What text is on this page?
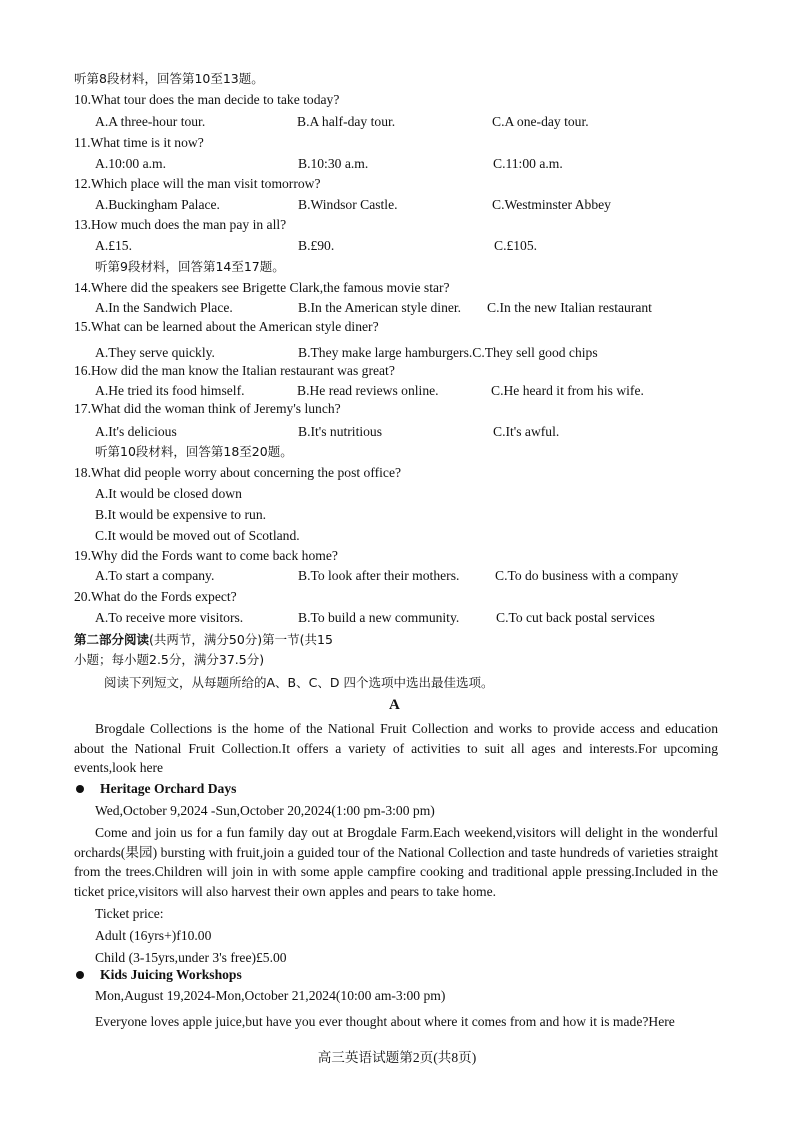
听第8段材料，回答第10至13题。
10.What tour does the man decide to take today?
A.A three-hour tour.	B.A half-day tour.	C.A one-day tour.
11.What time is it now?
A.10:00 a.m.	B.10:30 a.m.	C.11:00 a.m.
12.Which place will the man visit tomorrow?
A.Buckingham Palace.	B.Windsor Castle.	C.Westminster Abbey
13.How much does the man pay in all?
A.£15.	B.£90.	C.£105.
听第9段材料，回答第14至17题。
14.Where did the speakers see Brigette Clark,the famous movie star?
A.In the Sandwich Place.	B.In the American style diner. C.In the new Italian restaurant
15.What can be learned about the American style diner?
A.They serve quickly.	B.They make large hamburgers.C.They sell good chips
16.How did the man know the Italian restaurant was great?
A.He tried its food himself.	B.He read reviews online.	C.He heard it from his wife.
17.What did the woman think of Jeremy's lunch?
A.It's delicious	B.It's nutritious	C.It's awful.
听第10段材料，回答第18至20题。
18.What did people worry about concerning the post office?
A.It would be closed down
B.It would be expensive to run.
C.It would be moved out of Scotland.
19.Why did the Fords want to come back home?
A.To start a company.	B.To look after their mothers.	C.To do business with a company
20.What do the Fords expect?
A.To receive more visitors.	B.To build a new community.	C.To cut back postal services
第二部分阅读(共两节，满分50分)第一节(共15
小题；每小题2.5分，满分37.5分)
阅读下列短文，从每题所给的A、B、C、D 四个选项中选出最佳选项。
A
Brogdale Collections is the home of the National Fruit Collection and works to provide access and education about the National Fruit Collection.It offers a variety of activities to suit all ages and interests.For upcoming events,look here
Heritage Orchard Days
Wed,October 9,2024 -Sun,October 20,2024(1:00 pm-3:00 pm)
Come and join us for a fun family day out at Brogdale Farm.Each weekend,visitors will delight in the wonderful orchards(果园) bursting with fruit,join a guided tour of the National Collection and taste hundreds of varieties straight from the trees.Children will join in with some apple campfire cooking and traditional apple pressing.Included in the ticket price,visitors will also harvest their own apples and pears to take home.
Ticket price:
Adult (16yrs+)f10.00
Child (3-15yrs,under 3's free)£5.00
Kids Juicing Workshops
Mon,August 19,2024-Mon,October 21,2024(10:00 am-3:00 pm)
Everyone loves apple juice,but have you ever thought about where it comes from and how it is made?Here
高三英语试题第2页(共8页)
